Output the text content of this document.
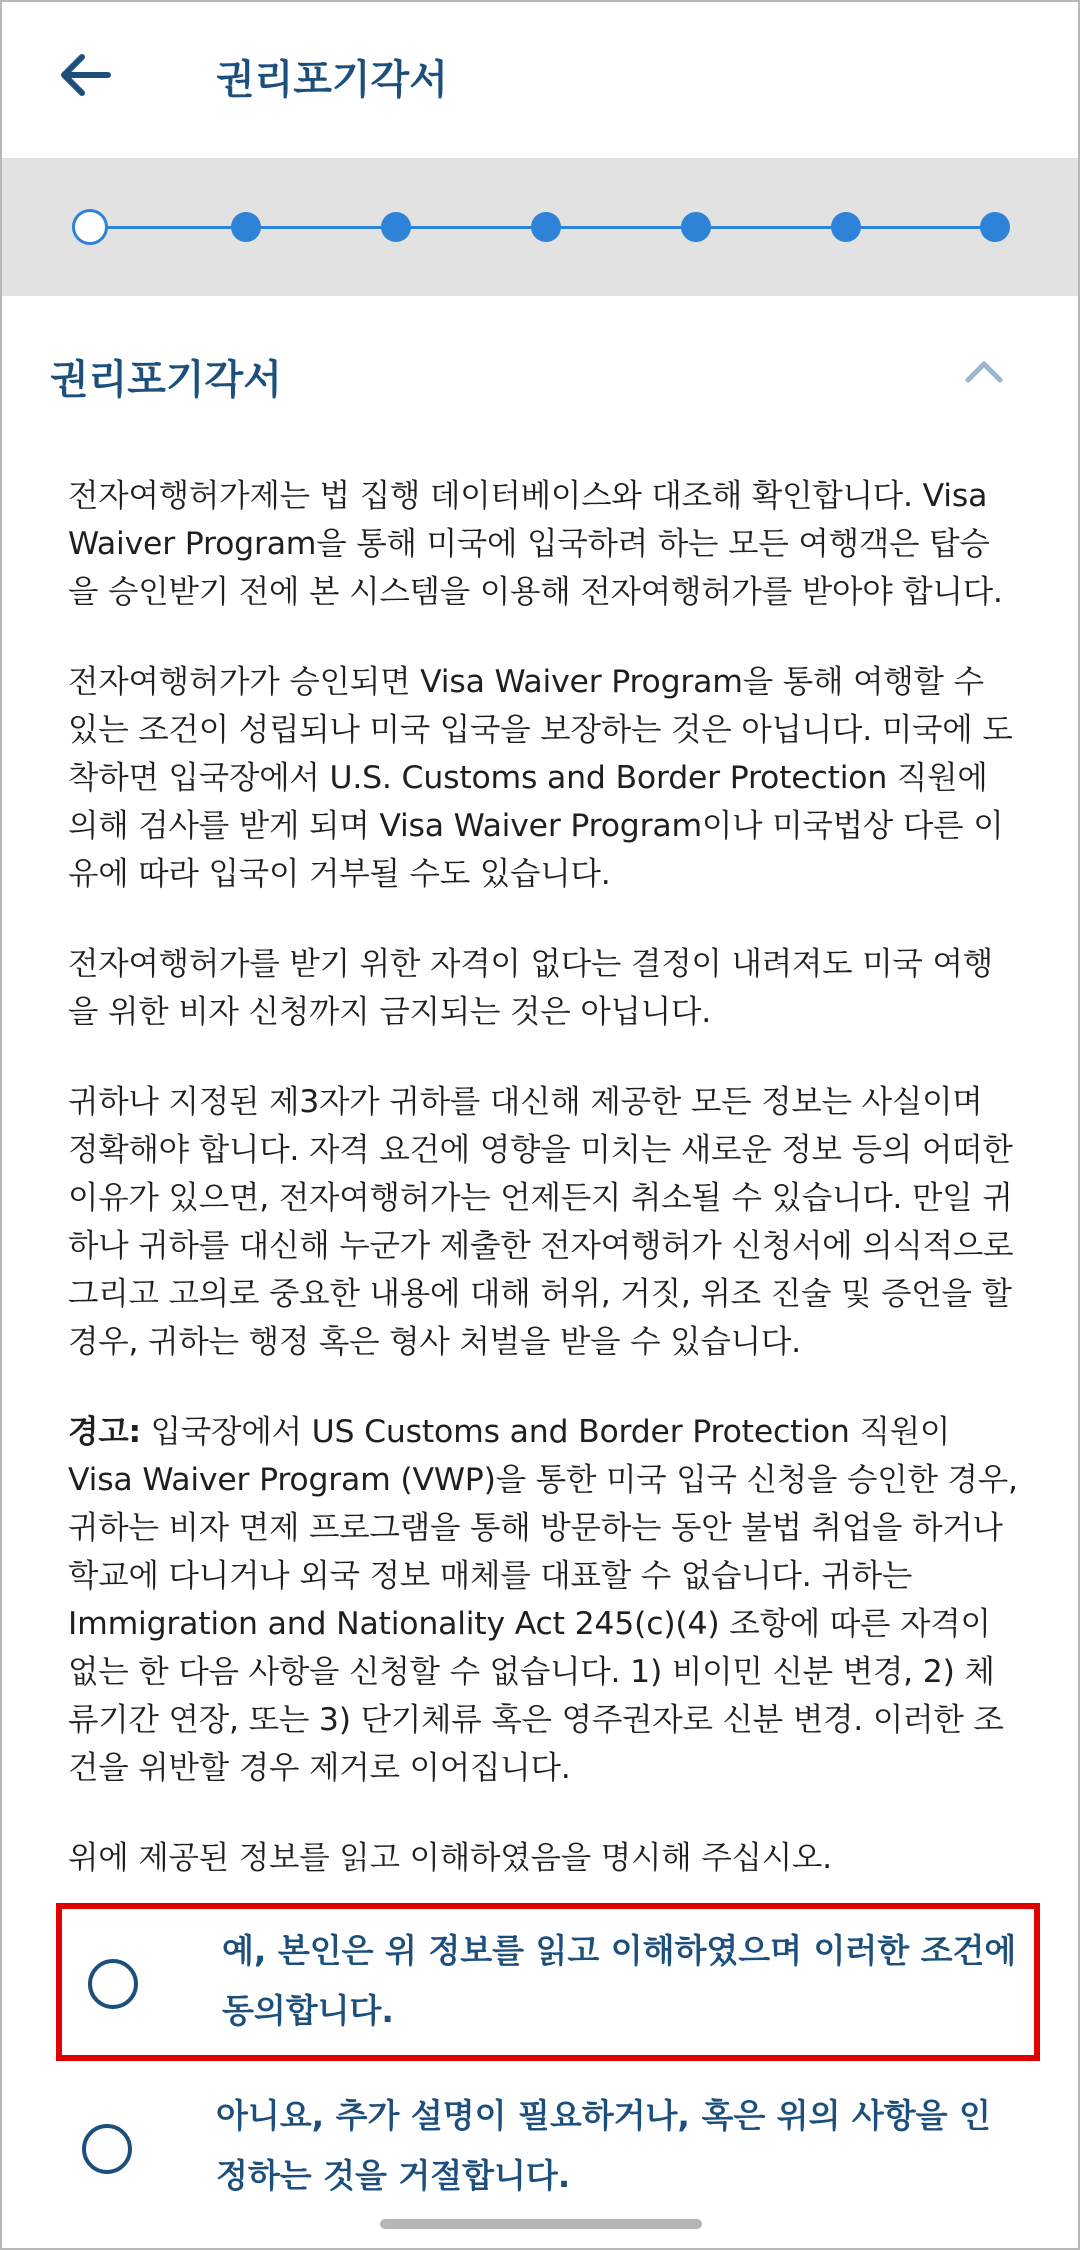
권리포기각서
권리포기각서

전자여행허가제는 법 집행 데이터베이스와 대조해 확인합니다. Visa Waiver Program을 통해 미국에 입국하려 하는 모든 여행객은 탑승을 승인받기 전에 본 시스템을 이용해 전자여행허가를 받아야 합니다.

전자여행허가가 승인되면 Visa Waiver Program을 통해 여행할 수 있는 조건이 성립되나 미국 입국을 보장하는 것은 아닙니다. 미국에 도착하면 입국장에서 U.S. Customs and Border Protection 직원에 의해 검사를 받게 되며 Visa Waiver Program이나 미국법상 다른 이유에 따라 입국이 거부될 수도 있습니다.

전자여행허가를 받기 위한 자격이 없다는 결정이 내려져도 미국 여행을 위한 비자 신청까지 금지되는 것은 아닙니다.

귀하나 지정된 제3자가 귀하를 대신해 제공한 모든 정보는 사실이며 정확해야 합니다. 자격 요건에 영향을 미치는 새로운 정보 등의 어떠한 이유가 있으면, 전자여행허가는 언제든지 취소될 수 있습니다. 만일 귀하나 귀하를 대신해 누군가 제출한 전자여행허가 신청서에 의식적으로 그리고 고의로 중요한 내용에 대해 허위, 거짓, 위조 진술 및 증언을 할 경우, 귀하는 행정 혹은 형사 처벌을 받을 수 있습니다.

경고: 입국장에서 US Customs and Border Protection 직원이 Visa Waiver Program (VWP)을 통한 미국 입국 신청을 승인한 경우, 귀하는 비자 면제 프로그램을 통해 방문하는 동안 불법 취업을 하거나 학교에 다니거나 외국 정보 매체를 대표할 수 없습니다. 귀하는 Immigration and Nationality Act 245(c)(4) 조항에 따른 자격이 없는 한 다음 사항을 신청할 수 없습니다. 1) 비이민 신분 변경, 2) 체류기간 연장, 또는 3) 단기체류 혹은 영주권자로 신분 변경. 이러한 조건을 위반할 경우 제거로 이어집니다.

위에 제공된 정보를 읽고 이해하였음을 명시해 주십시오.

예, 본인은 위 정보를 읽고 이해하였으며 이러한 조건에 동의합니다.
아니요, 추가 설명이 필요하거나, 혹은 위의 사항을 인정하는 것을 거절합니다.
